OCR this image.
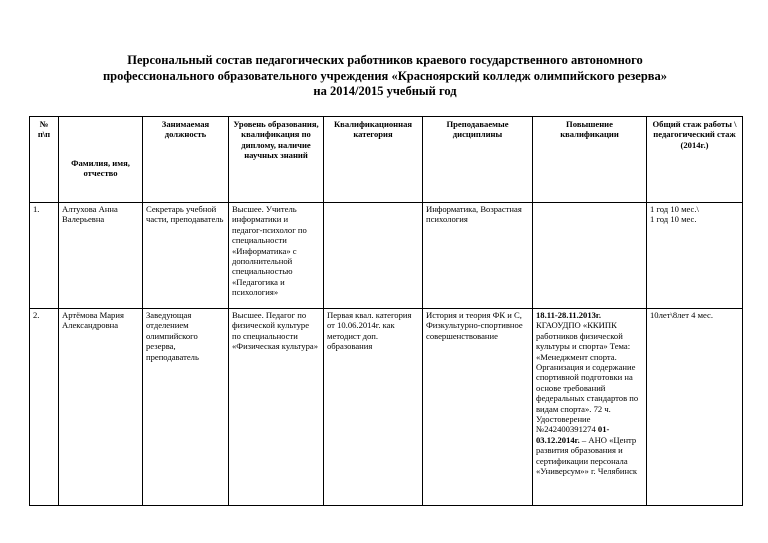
Персональный состав педагогических работников краевого государственного автономного
профессионального образовательного учреждения «Красноярский колледж олимпийского резерва»
на 2014/2015 учебный год
№ п\п	Фамилия, имя, отчество	Занимаемая должность	Уровень образования, квалификация по диплому, наличие научных знаний	Квалификационная категория	Преподаваемые дисциплины	Повышение квалификации	Общий стаж работы \ педагогический стаж (2014г.)
1.	Алтухова Анна Валерьевна	Секретарь учебной части, преподаватель	Высшее. Учитель информатики и педагог-психолог по специальности «Информатика» с дополнительной специальностью «Педагогика и психология»		Информатика, Возрастная психология		1 год 10 мес.\
1 год 10 мес.

2.	Артёмова Мария Александровна	Заведующая отделением олимпийского резерва, преподаватель	Высшее. Педагог по физической культуре по специальности «Физическая культура»	Первая квал. категория от 10.06.2014г. как методист доп. образования	История и теория ФК и С, Физкультурно-спортивное совершенствование	18.11-28.11.2013г. КГАОУДПО «ККИПК работников физической культуры и спорта» Тема: «Менеджмент спорта. Организация и содержание спортивной подготовки на основе требований федеральных стандартов по видам спорта». 72 ч. Удостоверение №242400391274 01-03.12.2014г. – АНО «Центр развития образования и сертификации персонала «Универсум»» г. Челябинск	10лет\8лет 4 мес.
